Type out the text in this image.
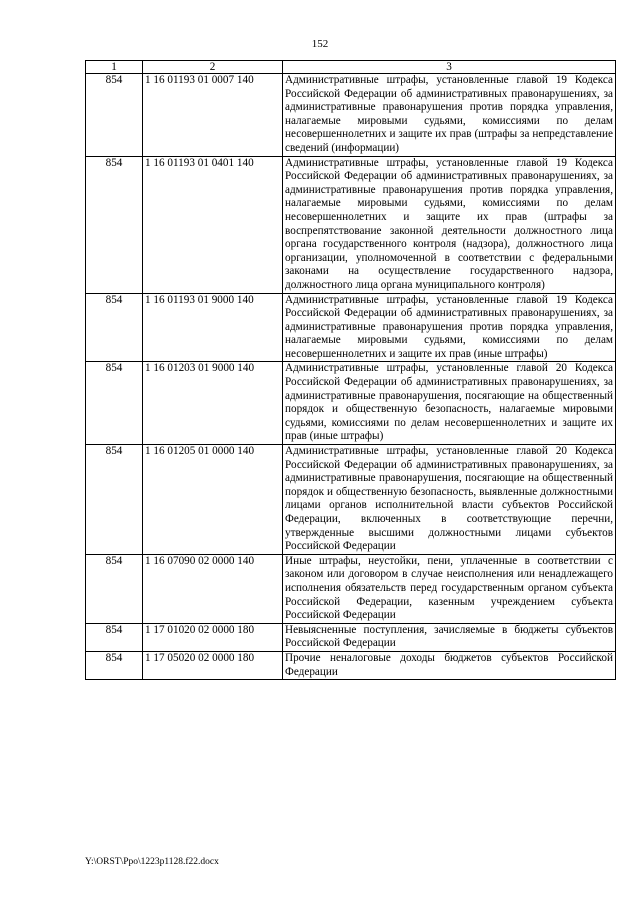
152
1	2	3
854	1 16 01193 01 0007 140	Административные штрафы, установленные главой 19 Кодекса Российской Федерации об административных правонарушениях, за административные правонарушения против порядка управления, налагаемые мировыми судьями, комиссиями по делам несовершеннолетних и защите их прав (штрафы за непредставление сведений (информации)
854	1 16 01193 01 0401 140	Административные штрафы, установленные главой 19 Кодекса Российской Федерации об административных правонарушениях, за административные правонарушения против порядка управления, налагаемые мировыми судьями, комиссиями по делам несовершеннолетних и защите их прав (штрафы за воспрепятствование законной деятельности должностного лица органа государственного контроля (надзора), должностного лица организации, уполномоченной в соответствии с федеральными законами на осуществление государственного надзора, должностного лица органа муниципального контроля)
854	1 16 01193 01 9000 140	Административные штрафы, установленные главой 19 Кодекса Российской Федерации об административных правонарушениях, за административные правонарушения против порядка управления, налагаемые мировыми судьями, комиссиями по делам несовершеннолетних и защите их прав (иные штрафы)
854	1 16 01203 01 9000 140	Административные штрафы, установленные главой 20 Кодекса Российской Федерации об административных правонарушениях, за административные правонарушения, посягающие на общественный порядок и общественную безопасность, налагаемые мировыми судьями, комиссиями по делам несовершеннолетних и защите их прав (иные штрафы)
854	1 16 01205 01 0000 140	Административные штрафы, установленные главой 20 Кодекса Российской Федерации об административных правонарушениях, за административные правонарушения, посягающие на общественный порядок и общественную безопасность, выявленные должностными лицами органов исполнительной власти субъектов Российской Федерации, включенных в соответствующие перечни, утвержденные высшими должностными лицами субъектов Российской Федерации
854	1 16 07090 02 0000 140	Иные штрафы, неустойки, пени, уплаченные в соответствии с законом или договором в случае неисполнения или ненадлежащего исполнения обязательств перед государственным органом субъекта Российской Федерации, казенным учреждением субъекта Российской Федерации
854	1 17 01020 02 0000 180	Невыясненные поступления, зачисляемые в бюджеты субъектов Российской Федерации
854	1 17 05020 02 0000 180	Прочие неналоговые доходы бюджетов субъектов Российской Федерации
Y:\ORST\Ppo\1223p1128.f22.docx
